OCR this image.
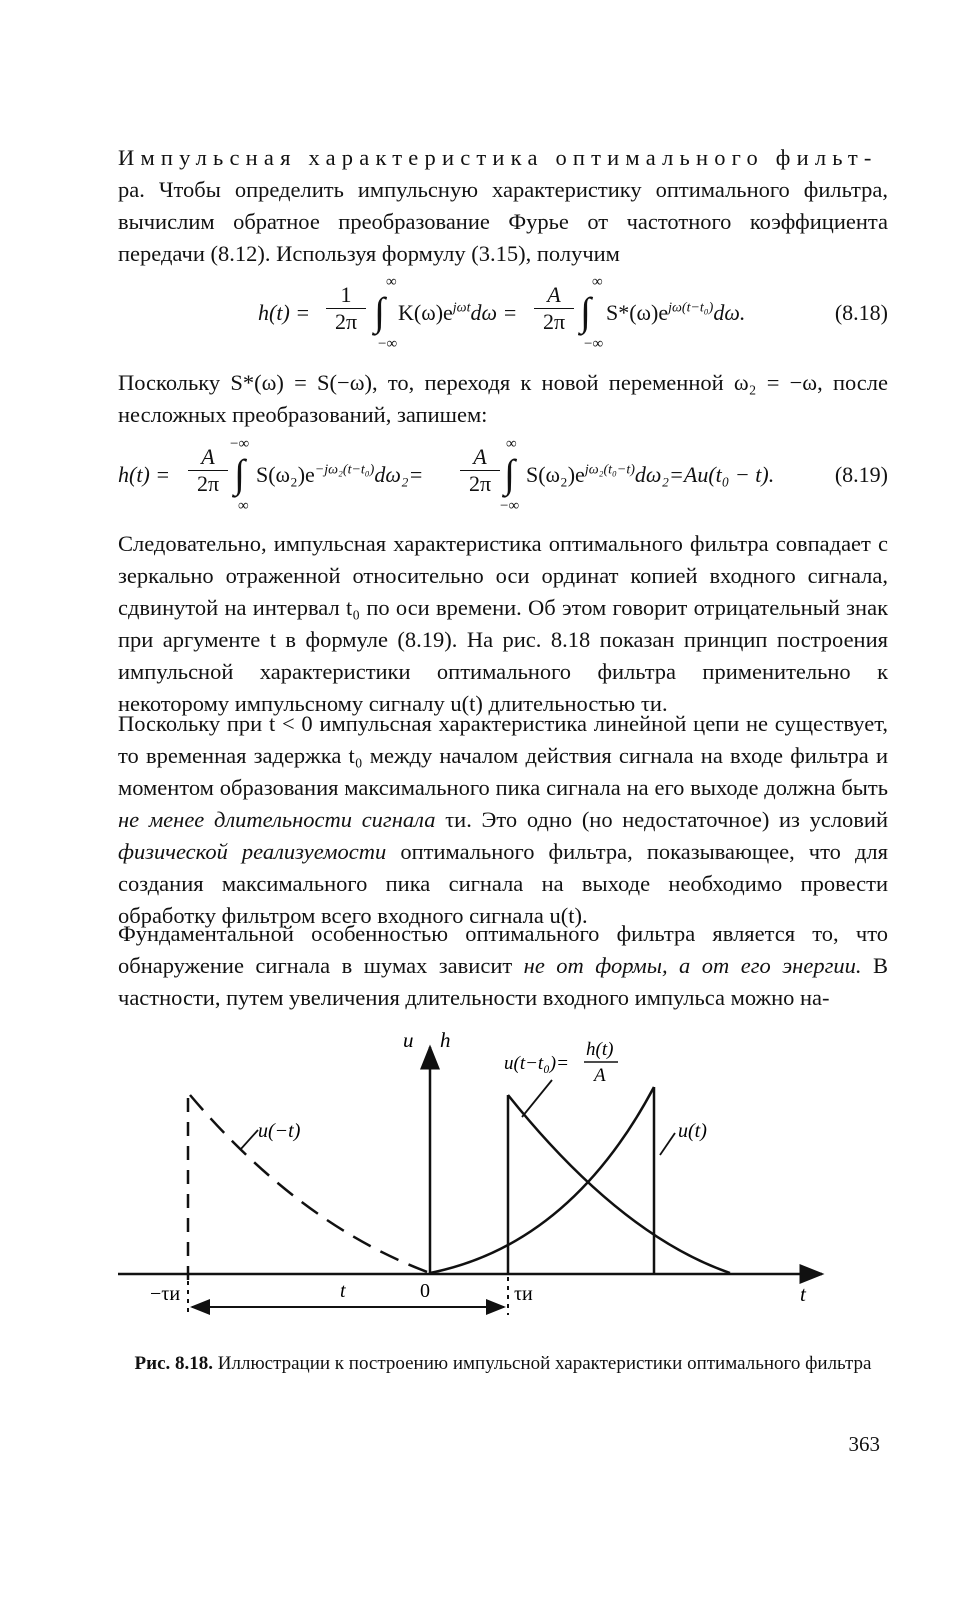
Импульсная характеристика оптимального фильт-
ра. Чтобы определить импульсную характеристику оптимального фильтра, вычислим обратное преобразование Фурье от частотного коэффициента передачи (8.12). Используя формулу (3.15), получим

$h(t) = \frac{1}{2\pi}$ ∞
∫
−∞
$K(\omega)e^{j\omega t}d\omega = \frac{A}{2\pi}$ ∞
∫
−∞
$S*(\omega)e^{j\omega(t-t_0)}d\omega$.	(8.18)

Поскольку S*(ω) = S(−ω), то, переходя к новой переменной ω₂ = −ω, после несложных преобразований, запишем:

$h(t) = \frac{A}{2\pi}$ −∞
∫
∞
$S(\omega_2)e^{-j\omega_2(t-t_0)}d\omega_2= \frac{A}{2\pi}$ ∞
∫
−∞
$S(\omega_2)e^{j\omega_2(t_0-t)}d\omega_2=Au(t_0 - t)$.	(8.19)

Следовательно, импульсная характеристика оптимального фильтра совпадает с зеркально отраженной относительно оси ординат копией входного сигнала, сдвинутой на интервал t₀ по оси времени. Об этом говорит отрицательный знак при аргументе t в формуле (8.19). На рис. 8.18 показан принцип построения импульсной характеристики оптимального фильтра применительно к некоторому импульсному сигналу u(t) длительностью τи.

Поскольку при t < 0 импульсная характеристика линейной цепи не существует, то временная задержка t₀ между началом действия сигнала на входе фильтра и моментом образования максимального пика сигнала на его выходе должна быть не менее длительности сигнала τи. Это одно (но недостаточное) из условий физической реализуемости оптимального фильтра, показывающее, что для создания максимального пика сигнала на выходе необходимо провести обработку фильтром всего входного сигнала u(t).

Фундаментальной особенностью оптимального фильтра является то, что обнаружение сигнала в шумах зависит не от формы, а от его энергии. В частности, путем увеличения длительности входного импульса можно на-

u h
t
0
−τи	τи
t
u(−t)	u(t)
u(t−t₀)=
h(t)
A
Рис. 8.18. Иллюстрации к построению импульсной характеристики оптимального фильтра
363
